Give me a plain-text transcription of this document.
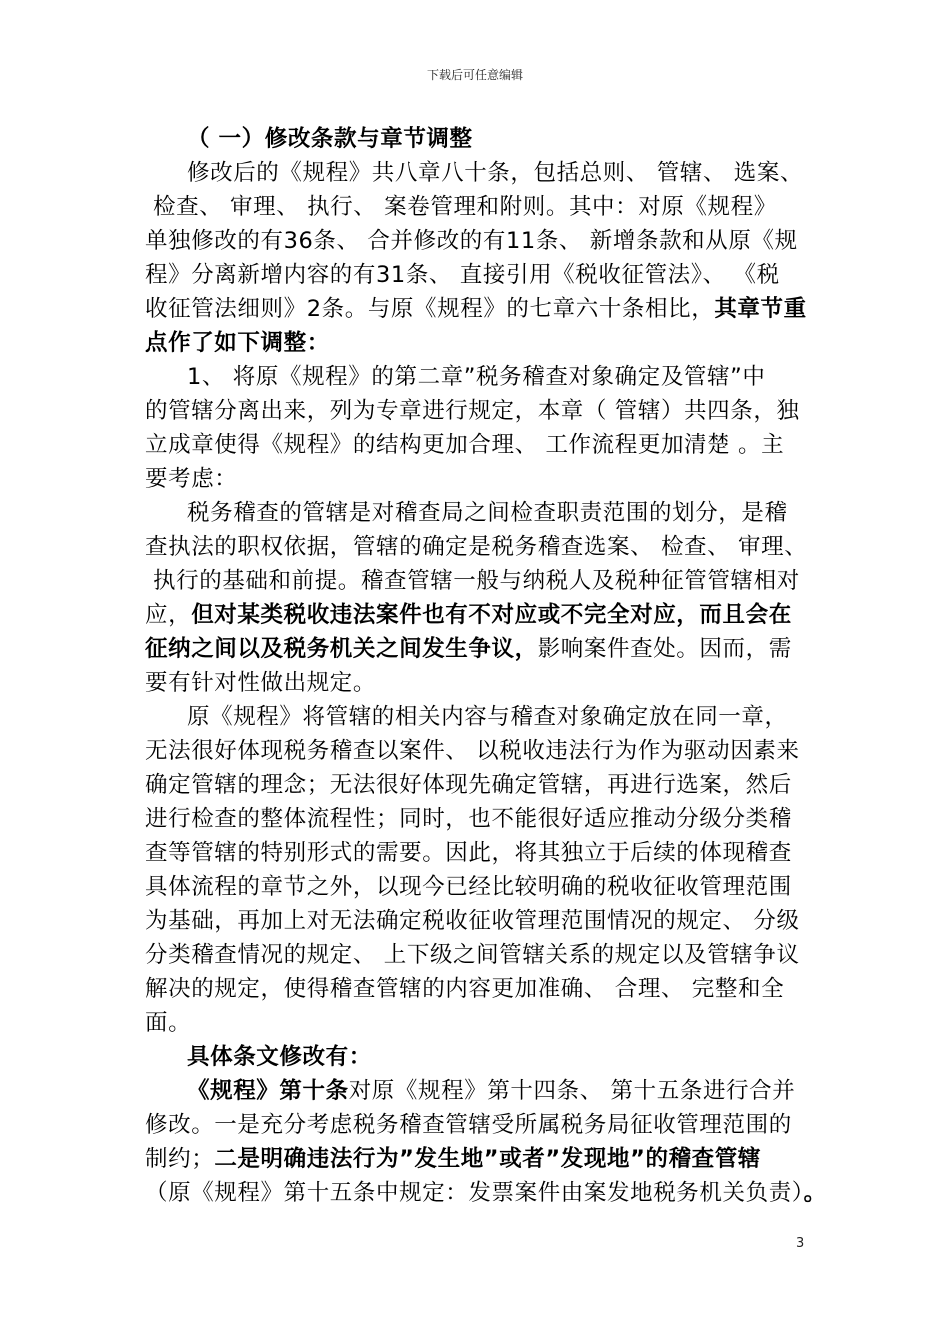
下载后可任意编辑
（ 一）修改条款与章节调整
修改后的《规程》共八章八十条，包括总则、 管辖、 选案、
检查、 审理、 执行、 案卷管理和附则。其中：对原《规程》
单独修改的有36条、 合并修改的有11条、 新增条款和从原《规
程》分离新增内容的有31条、 直接引用《税收征管法》、 《税
收征管法细则》2条。与原《规程》的七章六十条相比，其章节重
点作了如下调整：
1、 将原《规程》的第二章”税务稽查对象确定及管辖”中
的管辖分离出来，列为专章进行规定，本章（ 管辖）共四条，独
立成章使得《规程》的结构更加合理、 工作流程更加清楚 。主
要考虑：
税务稽查的管辖是对稽查局之间检查职责范围的划分，是稽
查执法的职权依据，管辖的确定是税务稽查选案、 检查、 审理、
执行的基础和前提。稽查管辖一般与纳税人及税种征管管辖相对
应，但对某类税收违法案件也有不对应或不完全对应，而且会在
征纳之间以及税务机关之间发生争议，影响案件查处。因而，需
要有针对性做出规定。
原《规程》将管辖的相关内容与稽查对象确定放在同一章，
无法很好体现税务稽查以案件、 以税收违法行为作为驱动因素来
确定管辖的理念；无法很好体现先确定管辖，再进行选案，然后
进行检查的整体流程性；同时，也不能很好适应推动分级分类稽
查等管辖的特别形式的需要。因此，将其独立于后续的体现稽查
具体流程的章节之外，以现今已经比较明确的税收征收管理范围
为基础，再加上对无法确定税收征收管理范围情况的规定、 分级
分类稽查情况的规定、 上下级之间管辖关系的规定以及管辖争议
解决的规定，使得稽查管辖的内容更加准确、 合理、 完整和全
面。
具体条文修改有：
《规程》第十条对原《规程》第十四条、 第十五条进行合并
修改。一是充分考虑税务稽查管辖受所属税务局征收管理范围的
制约；二是明确违法行为”发生地”或者”发现地”的稽查管辖
（原《规程》第十五条中规定：发票案件由案发地税务机关负责）。
3
